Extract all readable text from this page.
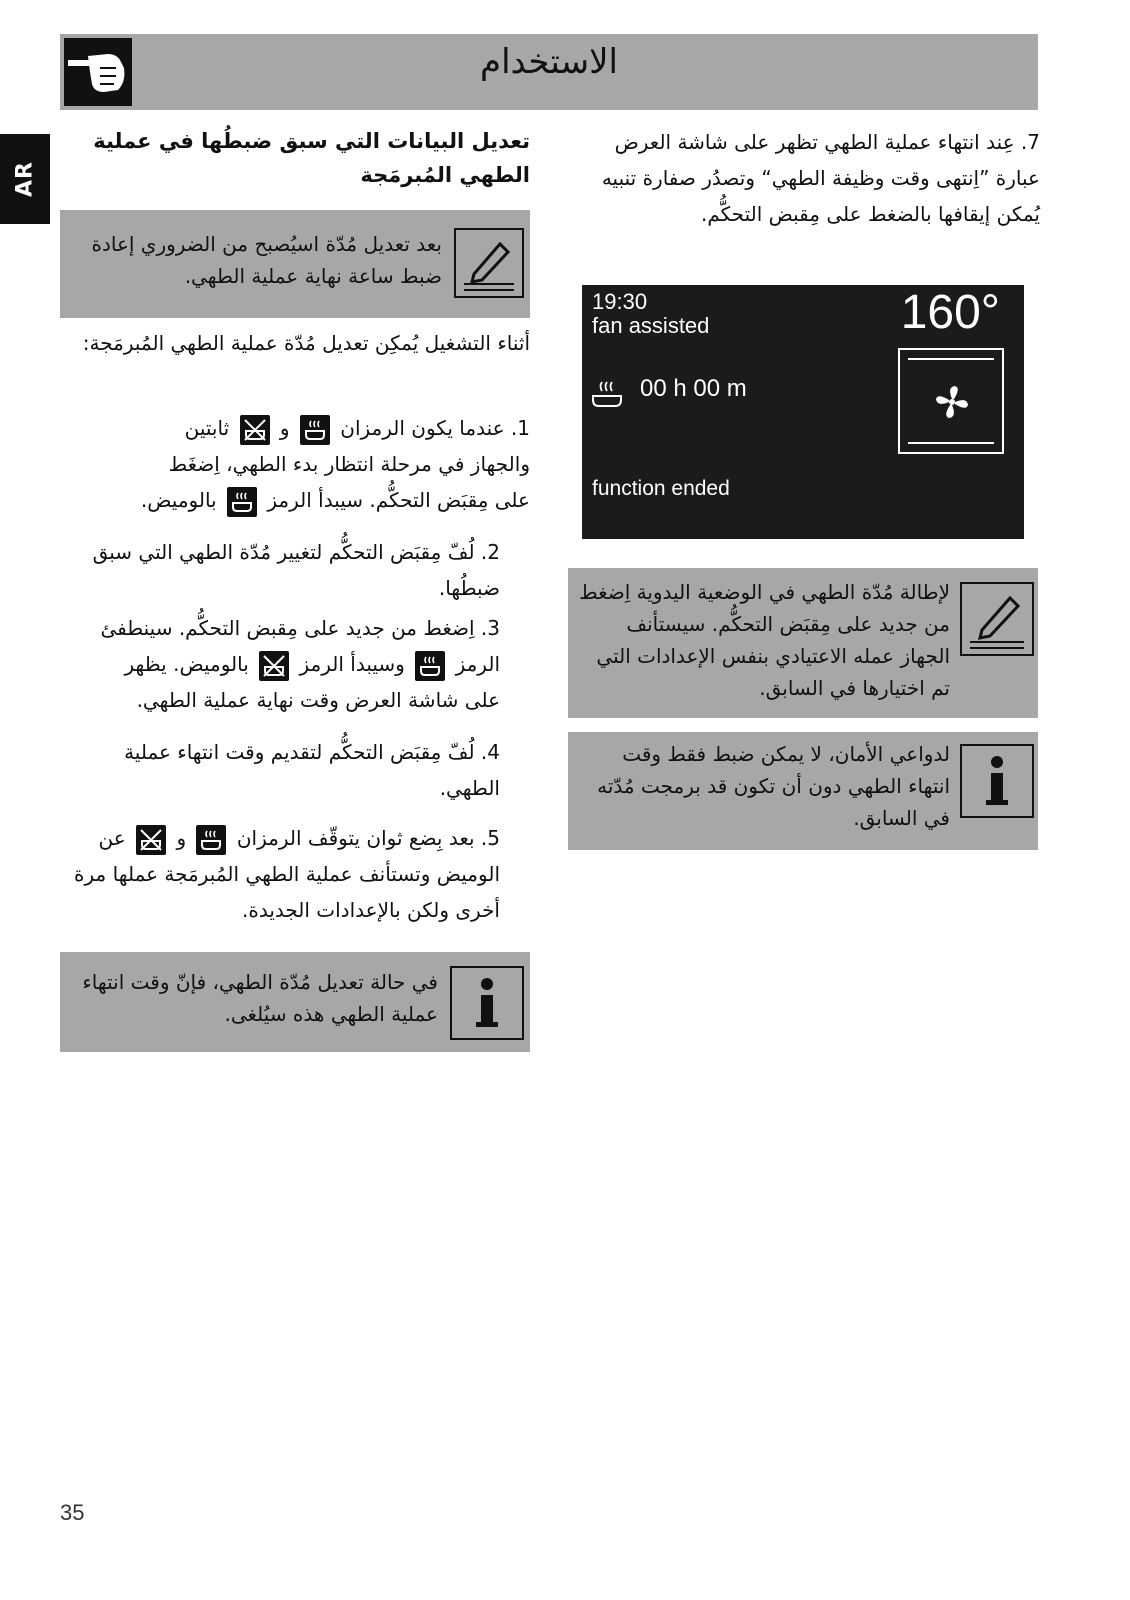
الاستخدام
AR
تعديل البيانات التي سبق ضبطُها في عملية الطهي المُبرمَجة
بعد تعديل مُدّة اسيُصبح من الضروري إعادة ضبط ساعة نهاية عملية الطهي.
أثناء التشغيل يُمكِن تعديل مُدّة عملية الطهي المُبرمَجة:
1. عندما يكون الرمزان
و
ثابتين
والجهاز في مرحلة انتظار بدء الطهي، اِضغَط
على مِقبَض التحكُّم. سيبدأ الرمز
بالوميض.
2. لُفّ مِقبَض التحكُّم لتغيير مُدّة الطهي التي سبق ضبطُها.
3. اِضغط من جديد على مِقبض التحكُّم. سينطفئ
الرمز
وسيبدأ الرمز
بالوميض. يظهر
على شاشة العرض وقت نهاية عملية الطهي.
4. لُفّ مِقبَض التحكُّم لتقديم وقت انتهاء عملية الطهي.
5. بعد بِضع ثوان يتوقّف الرمزان
و
عن
الوميض وتستأنف عملية الطهي المُبرمَجة عملها مرة أخرى ولكن بالإعدادات الجديدة.
في حالة تعديل مُدّة الطهي، فإنّ وقت انتهاء عملية الطهي هذه سيُلغى.
7. عِند انتهاء عملية الطهي تظهر على شاشة العرض عبارة ”اِنتهى وقت وظيفة الطهي“ وتصدُر صفارة تنبيه يُمكن إيقافها بالضغط على مِقبض التحكُّم.
19:30
fan assisted	160°
00 h 00 m
function ended
لإطالة مُدّة الطهي في الوضعية اليدوية اِضغط من جديد على مِقبَض التحكُّم. سيستأنف الجهاز عمله الاعتيادي بنفس الإعدادات التي تم اختيارها في السابق.
لدواعي الأمان، لا يمكن ضبط فقط وقت انتهاء الطهي دون أن تكون قد برمجت مُدّته في السابق.
35
